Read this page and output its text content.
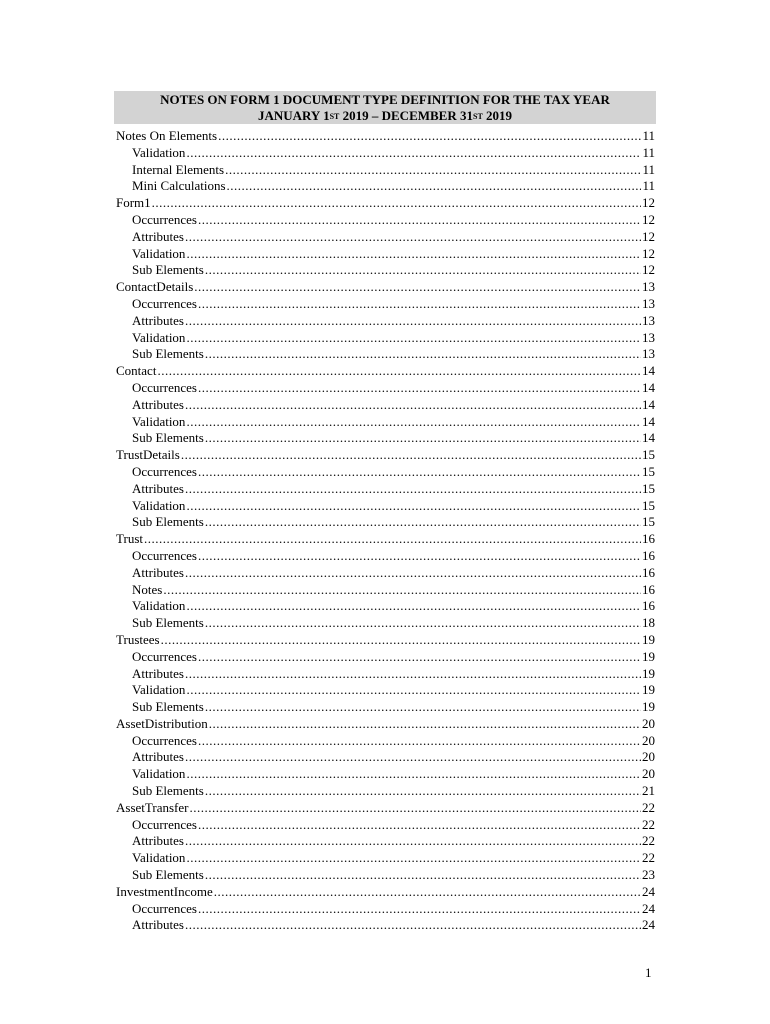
NOTES ON FORM 1 DOCUMENT TYPE DEFINITION FOR THE TAX YEAR
JANUARY 1ST 2019 – DECEMBER 31ST 2019
Notes On Elements .....	11
Validation .....	11
Internal Elements .....	11
Mini Calculations .....	11
Form1 .....	12
Occurrences .....	12
Attributes .....	12
Validation .....	12
Sub Elements .....	12
ContactDetails .....	13
Occurrences .....	13
Attributes .....	13
Validation .....	13
Sub Elements .....	13
Contact .....	14
Occurrences .....	14
Attributes .....	14
Validation .....	14
Sub Elements .....	14
TrustDetails .....	15
Occurrences .....	15
Attributes .....	15
Validation .....	15
Sub Elements .....	15
Trust .....	16
Occurrences .....	16
Attributes .....	16
Notes .....	16
Validation .....	16
Sub Elements .....	18
Trustees .....	19
Occurrences .....	19
Attributes .....	19
Validation .....	19
Sub Elements .....	19
AssetDistribution .....	20
Occurrences .....	20
Attributes .....	20
Validation .....	20
Sub Elements .....	21
AssetTransfer .....	22
Occurrences .....	22
Attributes .....	22
Validation .....	22
Sub Elements .....	23
InvestmentIncome .....	24
Occurrences .....	24
Attributes .....	24
1
